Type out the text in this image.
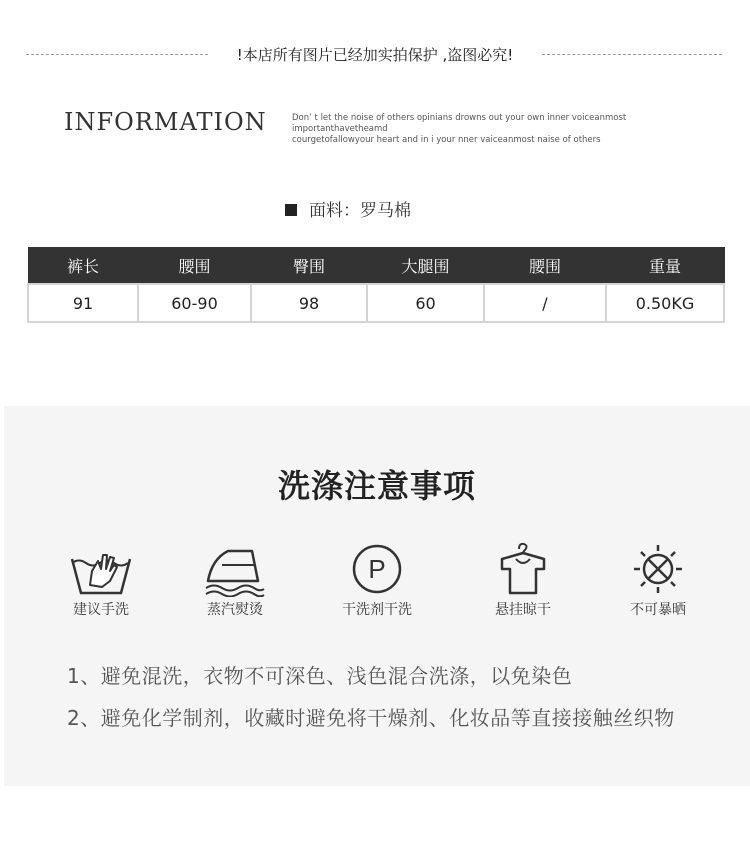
!本店所有图片已经加实拍保护 ,盗图必究!
INFORMATION	Don’ t let the noise of others opinians drowns out your own inner voiceanmost importanthavetheamd
courgetofallowyour heart and in i your nner vaiceanmost naise of others
面料：罗马棉
裤长	腰围	臀围	大腿围	腰围	重量
91	60-90	98	60	/	0.50KG
洗涤注意事项
建议手洗	蒸汽熨烫
P
干洗剂干洗	悬挂晾干	不可暴晒
1、避免混洗，衣物不可深色、浅色混合洗涤，以免染色
2、避免化学制剂，收藏时避免将干燥剂、化妆品等直接接触丝织物
